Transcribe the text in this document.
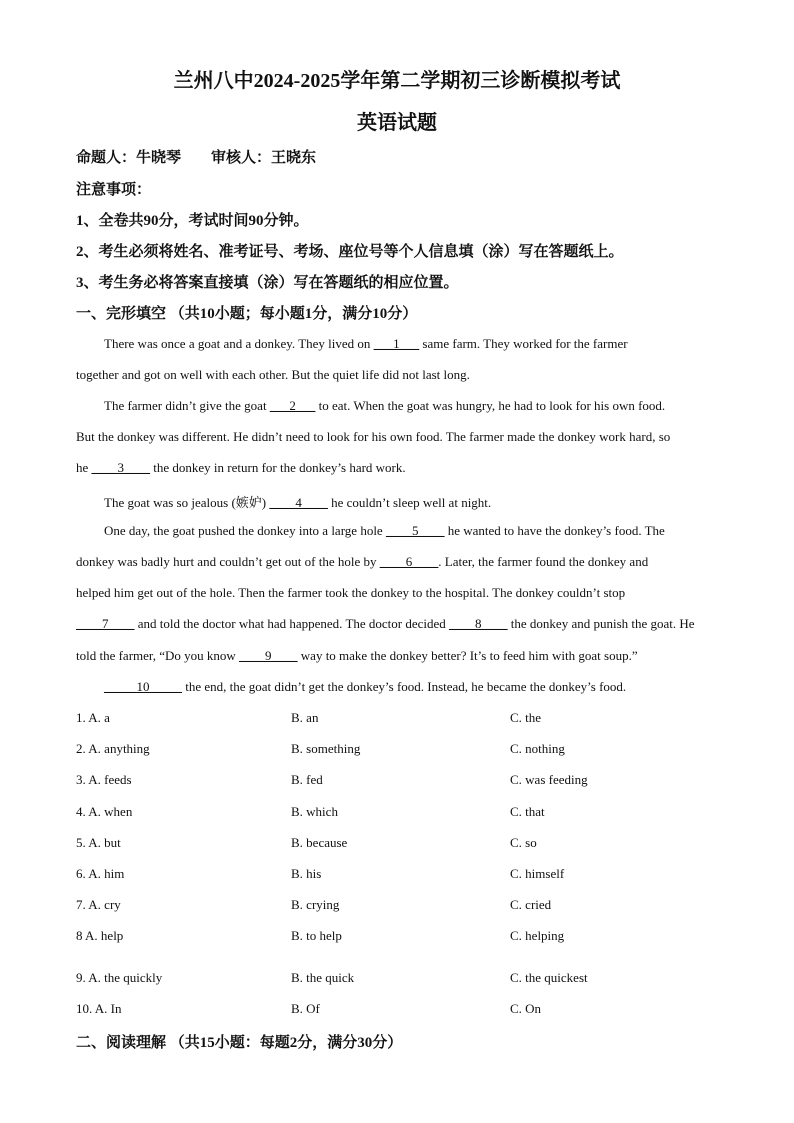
兰州八中2024-2025学年第二学期初三诊断模拟考试
英语试题
命题人：牛晓琴　　审核人：王晓东
注意事项：
1、全卷共90分，考试时间90分钟。
2、考生必须将姓名、准考证号、考场、座位号等个人信息填（涂）写在答题纸上。
3、考生务必将答案直接填（涂）写在答题纸的相应位置。
一、完形填空 （共10小题；每小题1分，满分10分）
There was once a goat and a donkey. They lived on ___1___ same farm. They worked for the farmer
together and got on well with each other. But the quiet life did not last long.
The farmer didn’t give the goat ___2___ to eat. When the goat was hungry, he had to look for his own food.
But the donkey was different. He didn’t need to look for his own food. The farmer made the donkey work hard, so
he ____3____ the donkey in return for the donkey’s hard work.
The goat was so jealous (嫉妒) ____4____ he couldn’t sleep well at night.
One day, the goat pushed the donkey into a large hole ____5____ he wanted to have the donkey’s food. The
donkey was badly hurt and couldn’t get out of the hole by ____6____. Later, the farmer found the donkey and
helped him get out of the hole. Then the farmer took the donkey to the hospital. The donkey couldn’t stop
____7____ and told the doctor what had happened. The doctor decided ____8____ the donkey and punish the goat. He
told the farmer, “Do you know ____9____ way to make the donkey better? It’s to feed him with goat soup.”
_____10_____ the end, the goat didn’t get the donkey’s food. Instead, he became the donkey’s food.
1. A. a	B. an	C. the
2. A. anything	B. something	C. nothing
3. A. feeds	B. fed	C. was feeding
4. A. when	B. which	C. that
5. A. but	B. because	C. so
6. A. him	B. his	C. himself
7. A. cry	B. crying	C. cried
8 A. help	B. to help	C. helping
9. A. the quickly	B. the quick	C. the quickest
10. A. In	B. Of	C. On
二、阅读理解 （共15小题：每题2分，满分30分）
